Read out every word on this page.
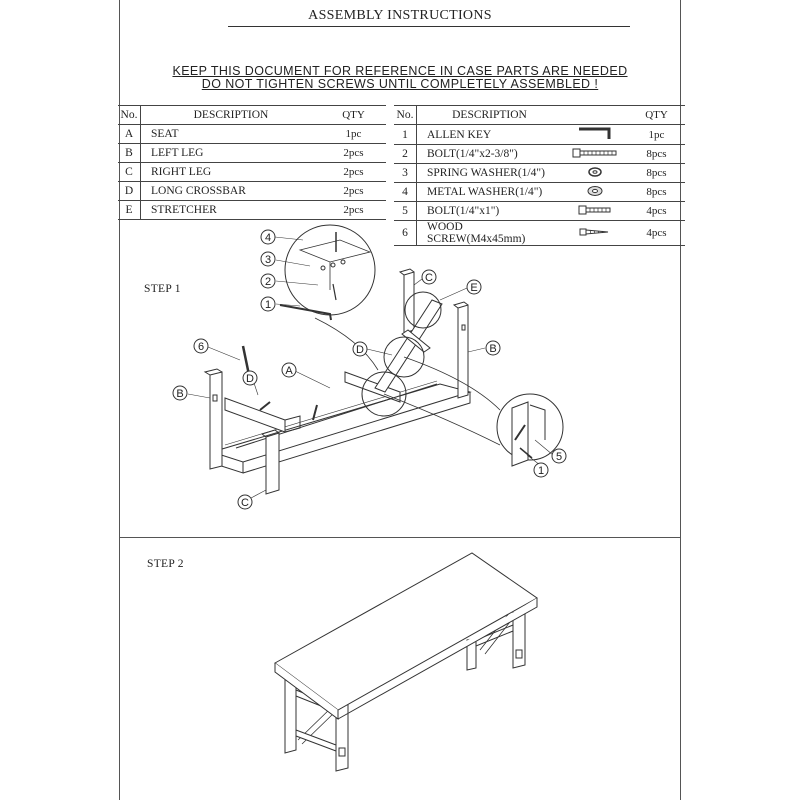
ASSEMBLY INSTRUCTIONS
KEEP THIS DOCUMENT FOR REFERENCE IN CASE PARTS ARE NEEDED
DO NOT TIGHTEN SCREWS UNTIL COMPLETELY ASSEMBLED !
No.	DESCRIPTION	QTY
A	SEAT	1pc
B	LEFT LEG	2pcs
C	RIGHT LEG	2pcs
D	LONG CROSSBAR	2pcs
E	STRETCHER	2pcs
No.	DESCRIPTION		QTY
1	ALLEN KEY		1pc
2	BOLT(1/4"x2-3/8")		8pcs
3	SPRING WASHER(1/4")		8pcs
4	METAL WASHER(1/4")		8pcs
5	BOLT(1/4"x1")		4pcs
6	WOOD SCREW(M4x45mm)		4pcs
STEP 1
STEP 2
4
3
2
1
6
D
A
B
C
C
E
D	B
5
1
